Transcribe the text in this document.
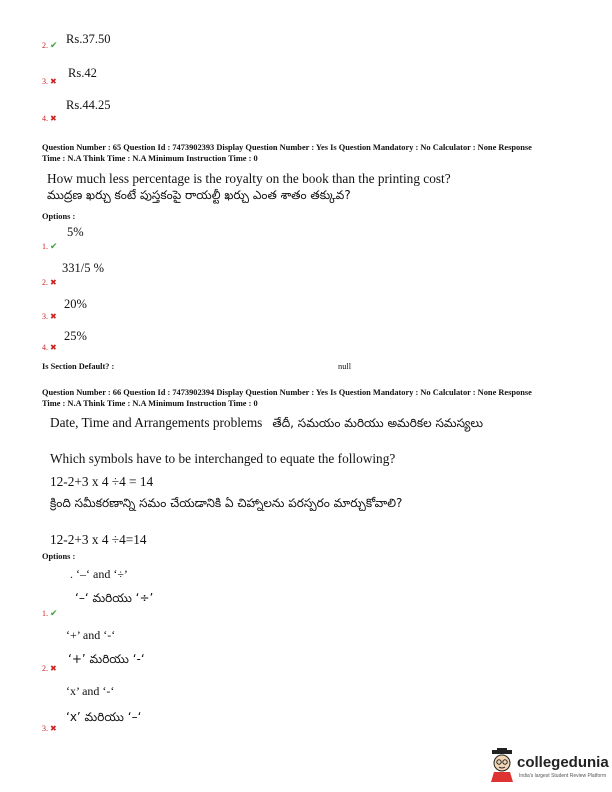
2. ✔ Rs.37.50
3. ✖
Rs.42
4. ✖
Rs.44.25
Question Number : 65 Question Id : 7473902393 Display Question Number : Yes Is Question Mandatory : No Calculator : None Response
Time : N.A Think Time : N.A Minimum Instruction Time : 0
How much less percentage is the royalty on the book than the printing cost?
ముద్రణ ఖర్చు కంటే పుస్తకంపై రాయల్టీ ఖర్చు ఎంత శాతం తక్కువ?
Options :
1. ✔
5%
2. ✖
331/5 %
3. ✖
20%
4. ✖
25%
Is Section Default? :	null
Question Number : 66 Question Id : 7473902394 Display Question Number : Yes Is Question Mandatory : No Calculator : None Response
Time : N.A Think Time : N.A Minimum Instruction Time : 0
Date, Time and Arrangements problems తేదీ, సమయం మరియు అమరికల సమస్యలు
Which symbols have to be interchanged to equate the following?
12-2+3 x 4 ÷4 = 14
క్రింది సమీకరణాన్ని సమం చేయడానికి ఏ చిహ్నాలను పరస్పరం మార్చుకోవాలి?
12-2+3 x 4 ÷4=14
Options :
. ‘–‘ and ‘÷’
‘–‘ మరియు ‘÷’
1. ✔
‘+’ and ‘-‘
2. ✖
‘+’ మరియు ‘-‘
‘x’ and ‘-‘
3. ✖
‘x’ మరియు ‘–‘
collegedunia
India's largest Student Review Platform
